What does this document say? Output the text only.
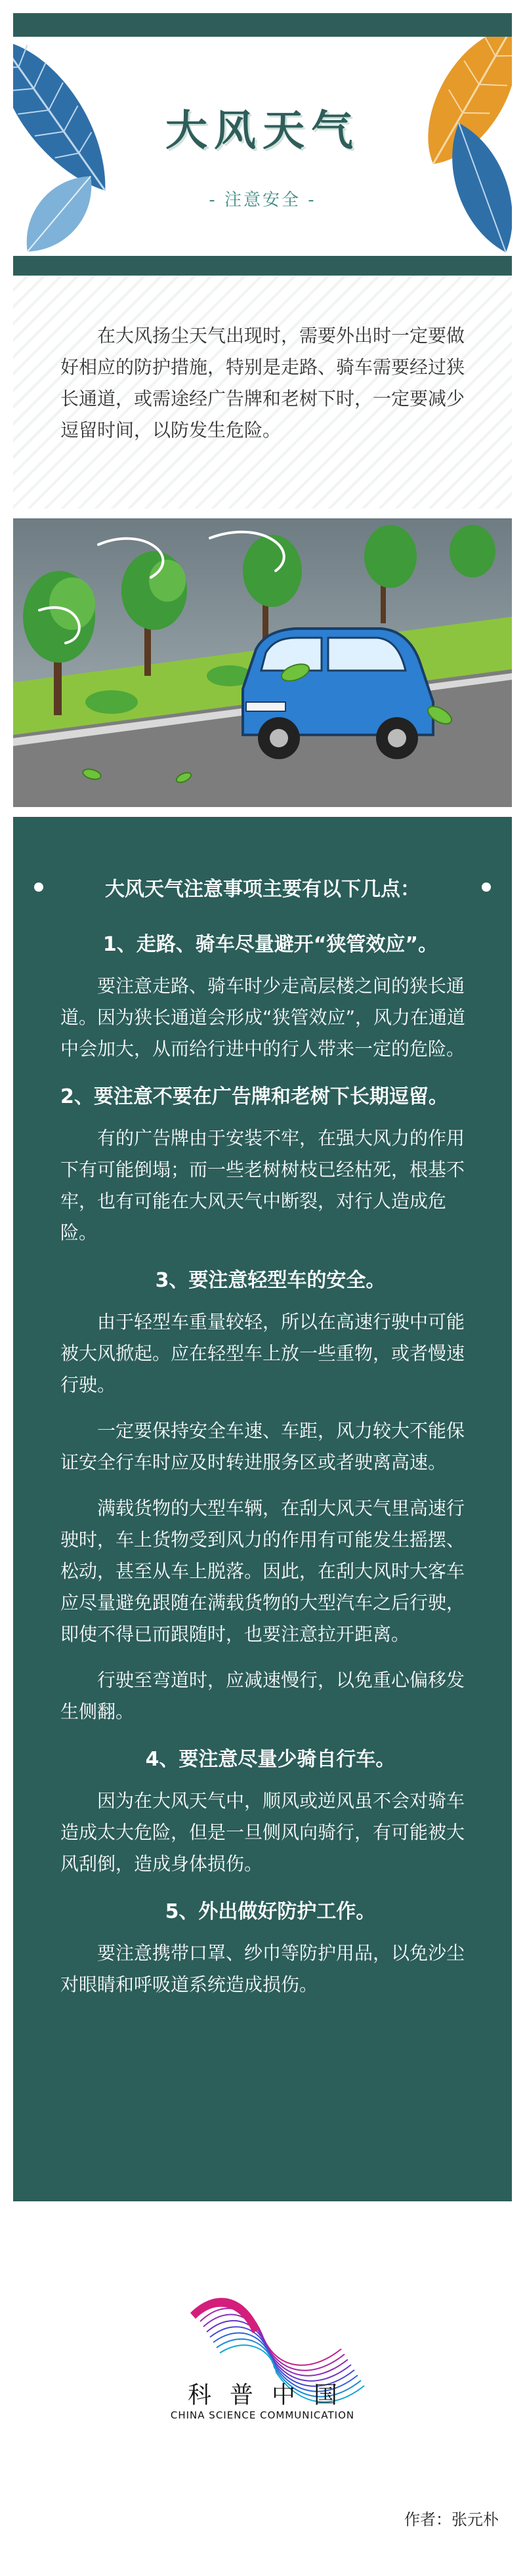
大风天气
- 注意安全 -

在大风扬尘天气出现时，需要外出时一定要做好相应的防护措施，特别是走路、骑车需要经过狭长通道，或需途经广告牌和老树下时，一定要减少逗留时间，以防发生危险。

大风天气注意事项主要有以下几点：
1、走路、骑车尽量避开“狭管效应”。

要注意走路、骑车时少走高层楼之间的狭长通道。因为狭长通道会形成“狭管效应”，风力在通道中会加大，从而给行进中的行人带来一定的危险。

2、要注意不要在广告牌和老树下长期逗留。

有的广告牌由于安装不牢，在强大风力的作用下有可能倒塌；而一些老树树枝已经枯死，根基不牢，也有可能在大风天气中断裂，对行人造成危险。

3、要注意轻型车的安全。

由于轻型车重量较轻，所以在高速行驶中可能被大风掀起。应在轻型车上放一些重物，或者慢速行驶。

一定要保持安全车速、车距，风力较大不能保证安全行车时应及时转进服务区或者驶离高速。

满载货物的大型车辆，在刮大风天气里高速行驶时，车上货物受到风力的作用有可能发生摇摆、松动，甚至从车上脱落。因此，在刮大风时大客车应尽量避免跟随在满载货物的大型汽车之后行驶，即使不得已而跟随时，也要注意拉开距离。

行驶至弯道时，应减速慢行，以免重心偏移发生侧翻。

4、要注意尽量少骑自行车。

因为在大风天气中，顺风或逆风虽不会对骑车造成太大危险，但是一旦侧风向骑行，有可能被大风刮倒，造成身体损伤。

5、外出做好防护工作。

要注意携带口罩、纱巾等防护用品，以免沙尘对眼睛和呼吸道系统造成损伤。

科普中国
CHINA SCIENCE COMMUNICATION
作者：张元朴
